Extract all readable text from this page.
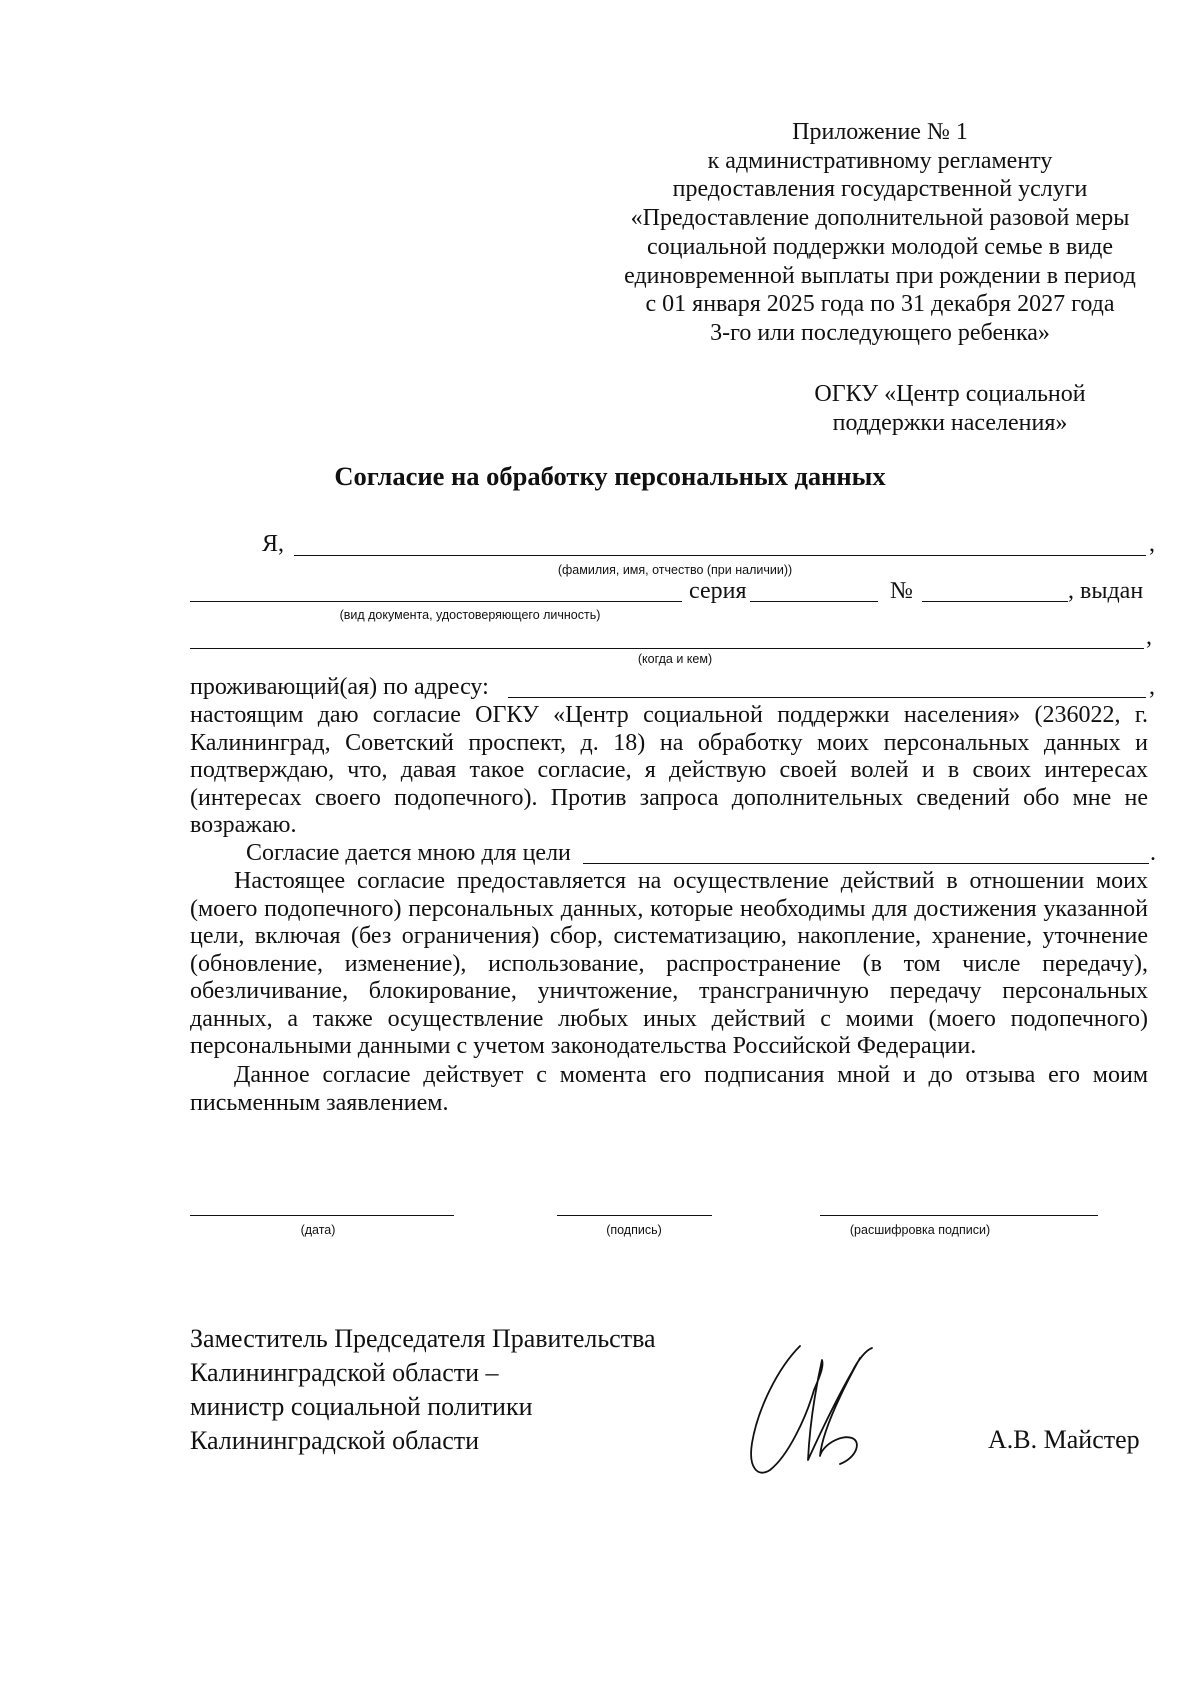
Приложение № 1
к административному регламенту
предоставления государственной услуги
«Предоставление дополнительной разовой меры
социальной поддержки молодой семье в виде
единовременной выплаты при рождении в период
с 01 января 2025 года по 31 декабря 2027 года
3-го или последующего ребенка»
ОГКУ «Центр социальной
поддержки населения»
Согласие на обработку персональных данных
Я,	,
(фамилия, имя, отчество (при наличии))
серия	№	, выдан
(вид документа, удостоверяющего личность)
,
(когда и кем)
проживающий(ая) по адресу:	,

настоящим даю согласие ОГКУ «Центр социальной поддержки населения» (236022, г. Калининград, Советский проспект, д. 18) на обработку моих персональных данных и подтверждаю, что, давая такое согласие, я действую своей волей и в своих интересах (интересах своего подопечного). Против запроса дополнительных сведений обо мне не возражаю.

Согласие дается мною для цели	.

Настоящее согласие предоставляется на осуществление действий в отношении моих (моего подопечного) персональных данных, которые необходимы для достижения указанной цели, включая (без ограничения) сбор, систематизацию, накопление, хранение, уточнение (обновление, изменение), использование, распространение (в том числе передачу), обезличивание, блокирование, уничтожение, трансграничную передачу персональных данных, а также осуществление любых иных действий с моими (моего подопечного) персональными данными с учетом законодательства Российской Федерации.

Данное согласие действует с момента его подписания мной и до отзыва его моим письменным заявлением.

(дата)	(подпись)	(расшифровка подписи)
Заместитель Председателя Правительства
Калининградской области –
министр социальной политики
Калининградской области	А.В. Майстер
